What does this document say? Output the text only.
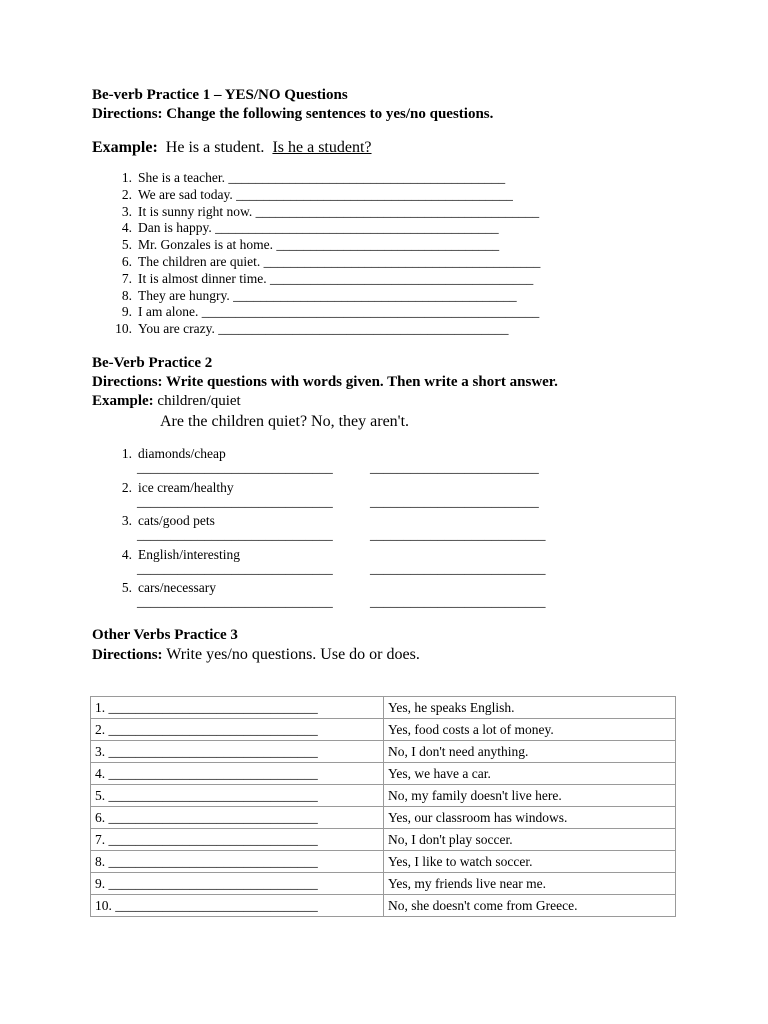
Be-verb Practice 1 – YES/NO Questions
Directions: Change the following sentences to yes/no questions.
Example: He is a student. Is he a student?
1. She is a teacher. _________________________________________
2. We are sad today. _________________________________________
3. It is sunny right now. __________________________________________
4. Dan is happy. __________________________________________
5. Mr. Gonzales is at home. _________________________________
6. The children are quiet. _________________________________________
7. It is almost dinner time. _______________________________________
8. They are hungry. __________________________________________
9. I am alone. __________________________________________________
10. You are crazy. ___________________________________________
Be-Verb Practice 2
Directions: Write questions with words given. Then write a short answer.
Example: children/quiet
Are the children quiet? No, they aren't.
1. diamonds/cheap
_____________________________	_________________________
2. ice cream/healthy
_____________________________	_________________________
3. cats/good pets
_____________________________	__________________________
4. English/interesting
_____________________________	__________________________
5. cars/necessary
_____________________________	__________________________
Other Verbs Practice 3
Directions: Write yes/no questions. Use do or does.
1. _______________________________	Yes, he speaks English.
2. _______________________________	Yes, food costs a lot of money.
3. _______________________________	No, I don't need anything.
4. _______________________________	Yes, we have a car.
5. _______________________________	No, my family doesn't live here.
6. _______________________________	Yes, our classroom has windows.
7. _______________________________	No, I don't play soccer.
8. _______________________________	Yes, I like to watch soccer.
9. _______________________________	Yes, my friends live near me.
10. ______________________________	No, she doesn't come from Greece.
